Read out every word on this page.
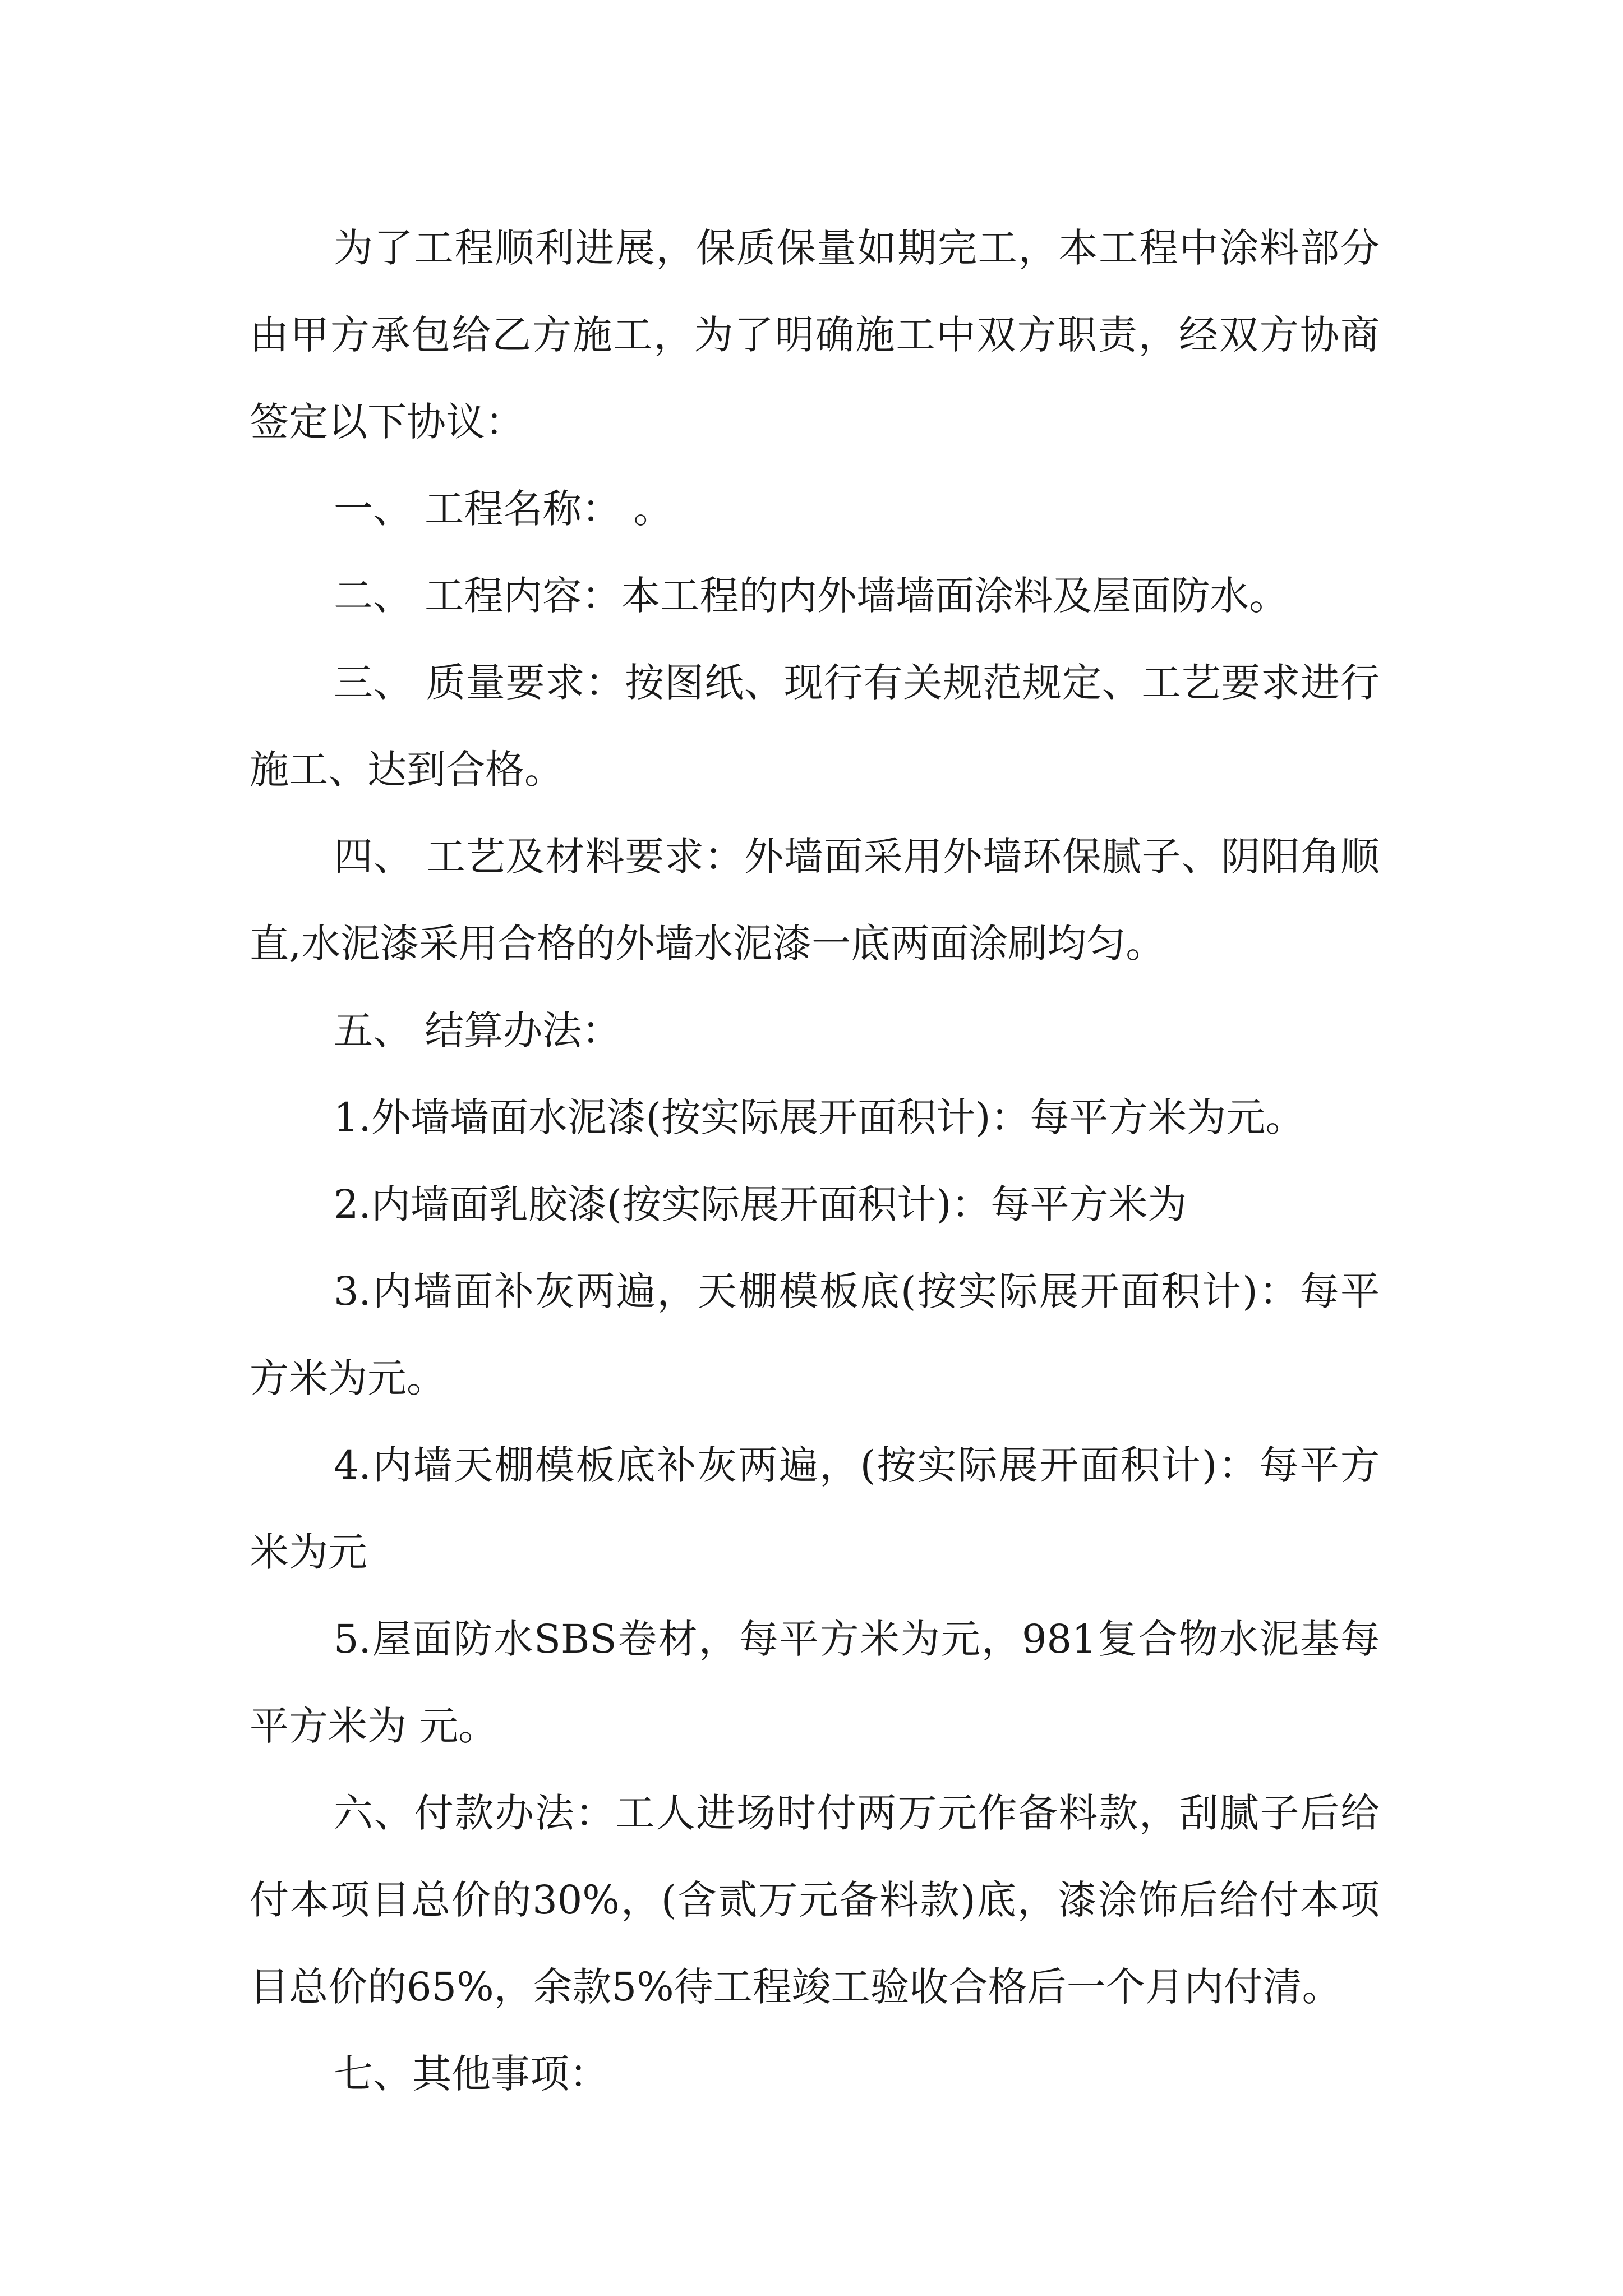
为了工程顺利进展，保质保量如期完工，本工程中涂料部分由甲方承包给乙方施工，为了明确施工中双方职责，经双方协商签定以下协议：

一、 工程名称： 。

二、 工程内容：本工程的内外墙墙面涂料及屋面防水。

三、 质量要求：按图纸、现行有关规范规定、工艺要求进行施工、达到合格。

四、 工艺及材料要求：外墙面采用外墙环保腻子、阴阳角顺直,水泥漆采用合格的外墙水泥漆一底两面涂刷均匀。

五、 结算办法：

1.外墙墙面水泥漆(按实际展开面积计)：每平方米为元。

2.内墙面乳胶漆(按实际展开面积计)：每平方米为

3.内墙面补灰两遍，天棚模板底(按实际展开面积计)：每平方米为元。

4.内墙天棚模板底补灰两遍，(按实际展开面积计)：每平方米为元

5.屋面防水SBS卷材，每平方米为元，981复合物水泥基每平方米为 元。

六、付款办法：工人进场时付两万元作备料款，刮腻子后给付本项目总价的30%，(含贰万元备料款)底，漆涂饰后给付本项目总价的65%，余款5%待工程竣工验收合格后一个月内付清。

七、其他事项：
